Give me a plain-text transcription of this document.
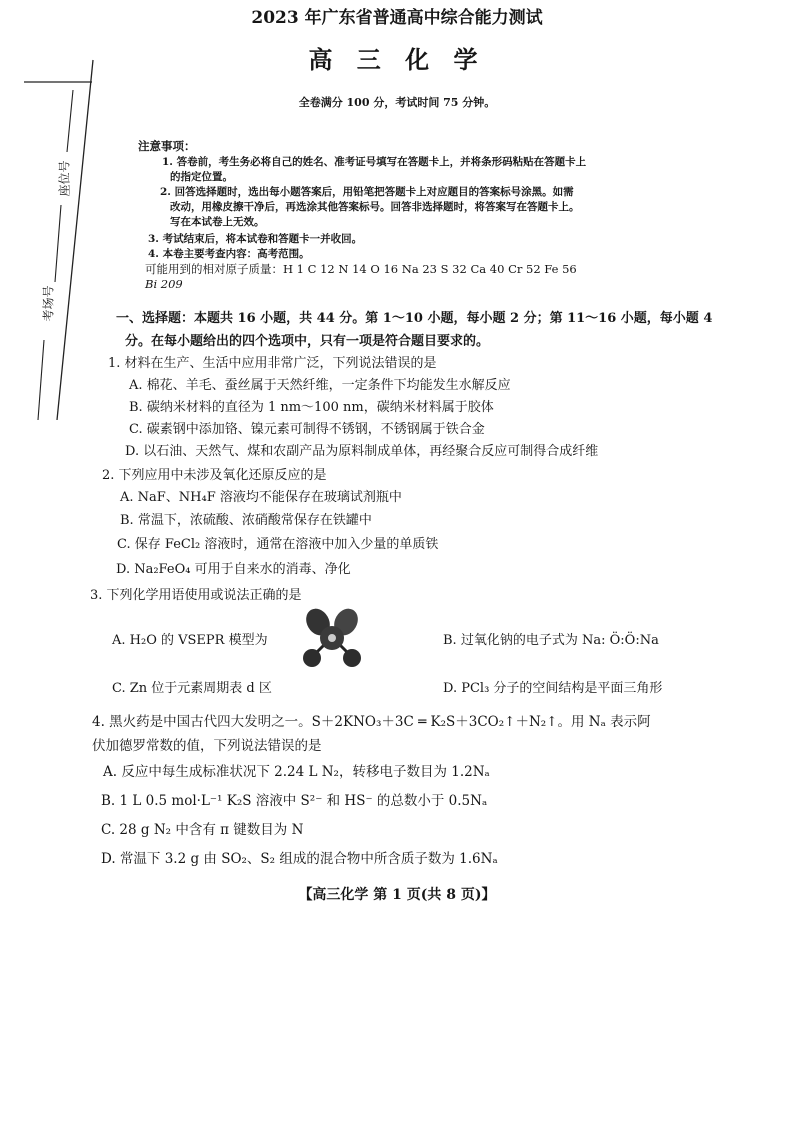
座位号
考场号
2023 年广东省普通高中综合能力测试
高 三 化 学
全卷满分 100 分，考试时间 75 分钟。
注意事项：
1. 答卷前，考生务必将自己的姓名、准考证号填写在答题卡上，并将条形码粘贴在答题卡上
的指定位置。
2. 回答选择题时，选出每小题答案后，用铅笔把答题卡上对应题目的答案标号涂黑。如需
改动，用橡皮擦干净后，再选涂其他答案标号。回答非选择题时，将答案写在答题卡上。
写在本试卷上无效。
3. 考试结束后，将本试卷和答题卡一并收回。
4. 本卷主要考查内容：高考范围。
可能用到的相对原子质量：H 1 C 12 N 14 O 16 Na 23 S 32 Ca 40 Cr 52 Fe 56
Bi 209
一、选择题：本题共 16 小题，共 44 分。第 1～10 小题，每小题 2 分；第 11～16 小题，每小题 4
分。在每小题给出的四个选项中，只有一项是符合题目要求的。
1. 材料在生产、生活中应用非常广泛，下列说法错误的是
A. 棉花、羊毛、蚕丝属于天然纤维，一定条件下均能发生水解反应
B. 碳纳米材料的直径为 1 nm～100 nm，碳纳米材料属于胶体
C. 碳素钢中添加铬、镍元素可制得不锈钢，不锈钢属于铁合金
D. 以石油、天然气、煤和农副产品为原料制成单体，再经聚合反应可制得合成纤维
2. 下列应用中未涉及氧化还原反应的是
A. NaF、NH₄F 溶液均不能保存在玻璃试剂瓶中
B. 常温下，浓硫酸、浓硝酸常保存在铁罐中
C. 保存 FeCl₂ 溶液时，通常在溶液中加入少量的单质铁
D. Na₂FeO₄ 可用于自来水的消毒、净化
3. 下列化学用语使用或说法正确的是
A. H₂O 的 VSEPR 模型为	B. 过氧化钠的电子式为 Na: Ö:Ö:Na
C. Zn 位于元素周期表 d 区	D. PCl₃ 分子的空间结构是平面三角形
4. 黑火药是中国古代四大发明之一。S＋2KNO₃＋3C ═ K₂S＋3CO₂↑＋N₂↑。用 Nₐ 表示阿
伏加德罗常数的值，下列说法错误的是
A. 反应中每生成标准状况下 2.24 L N₂，转移电子数目为 1.2Nₐ
B. 1 L 0.5 mol·L⁻¹ K₂S 溶液中 S²⁻ 和 HS⁻ 的总数小于 0.5Nₐ
C. 28 g N₂ 中含有 π 键数目为 N
D. 常温下 3.2 g 由 SO₂、S₂ 组成的混合物中所含质子数为 1.6Nₐ
【高三化学 第 1 页(共 8 页)】
